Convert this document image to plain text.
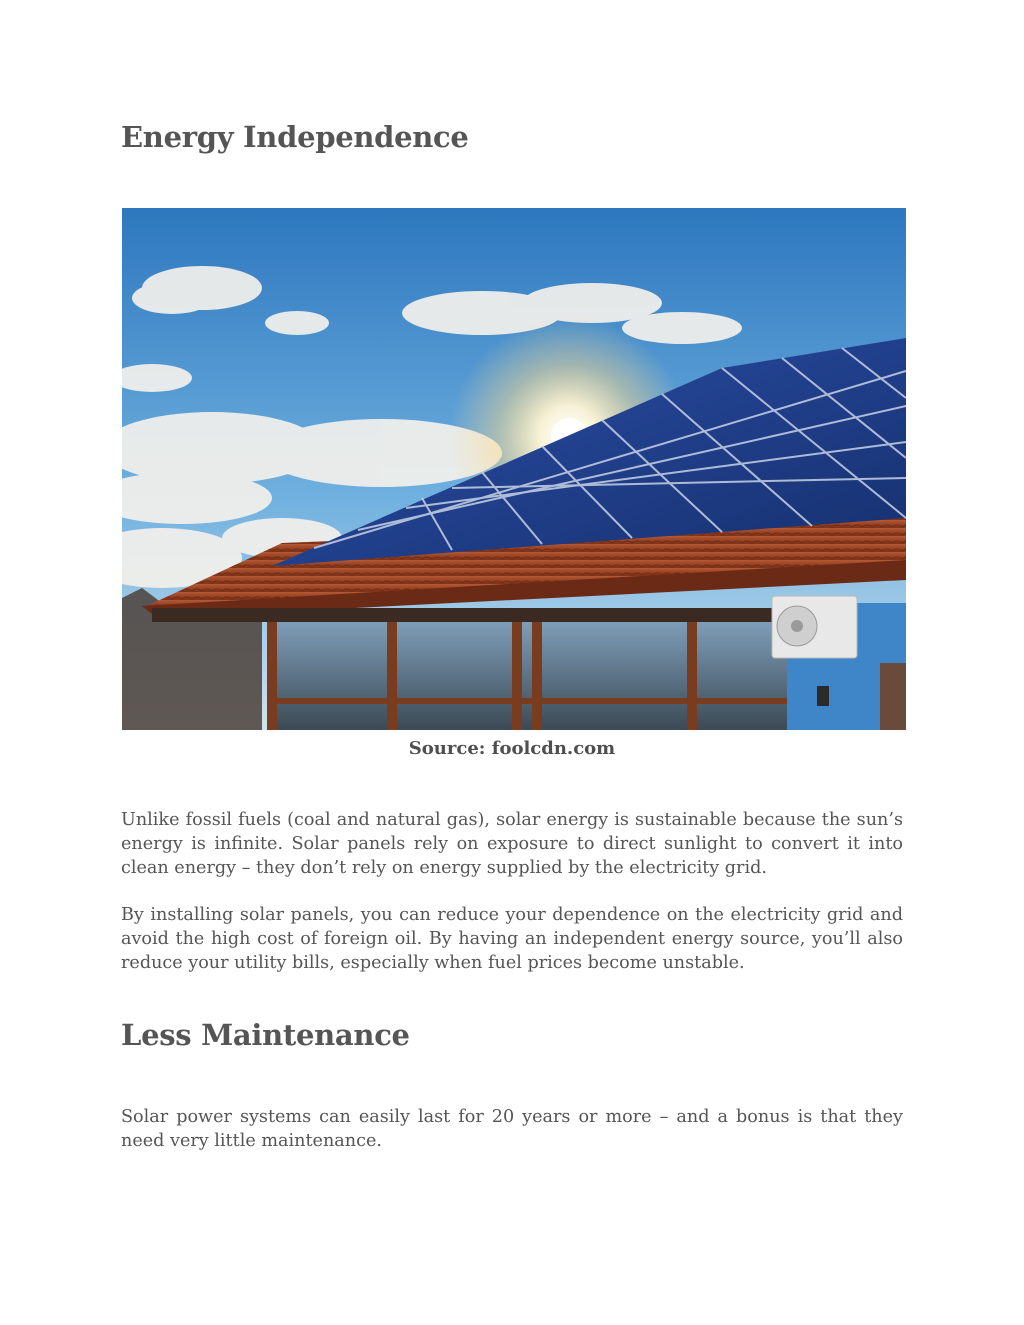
Energy Independence
Source: foolcdn.com

Unlike fossil fuels (coal and natural gas), solar energy is sustainable because the sun’s energy is infinite. Solar panels rely on exposure to direct sunlight to convert it into clean energy – they don’t rely on energy supplied by the electricity grid.

By installing solar panels, you can reduce your dependence on the electricity grid and avoid the high cost of foreign oil. By having an independent energy source, you’ll also reduce your utility bills, especially when fuel prices become unstable.

Less Maintenance

Solar power systems can easily last for 20 years or more – and a bonus is that they need very little maintenance.
